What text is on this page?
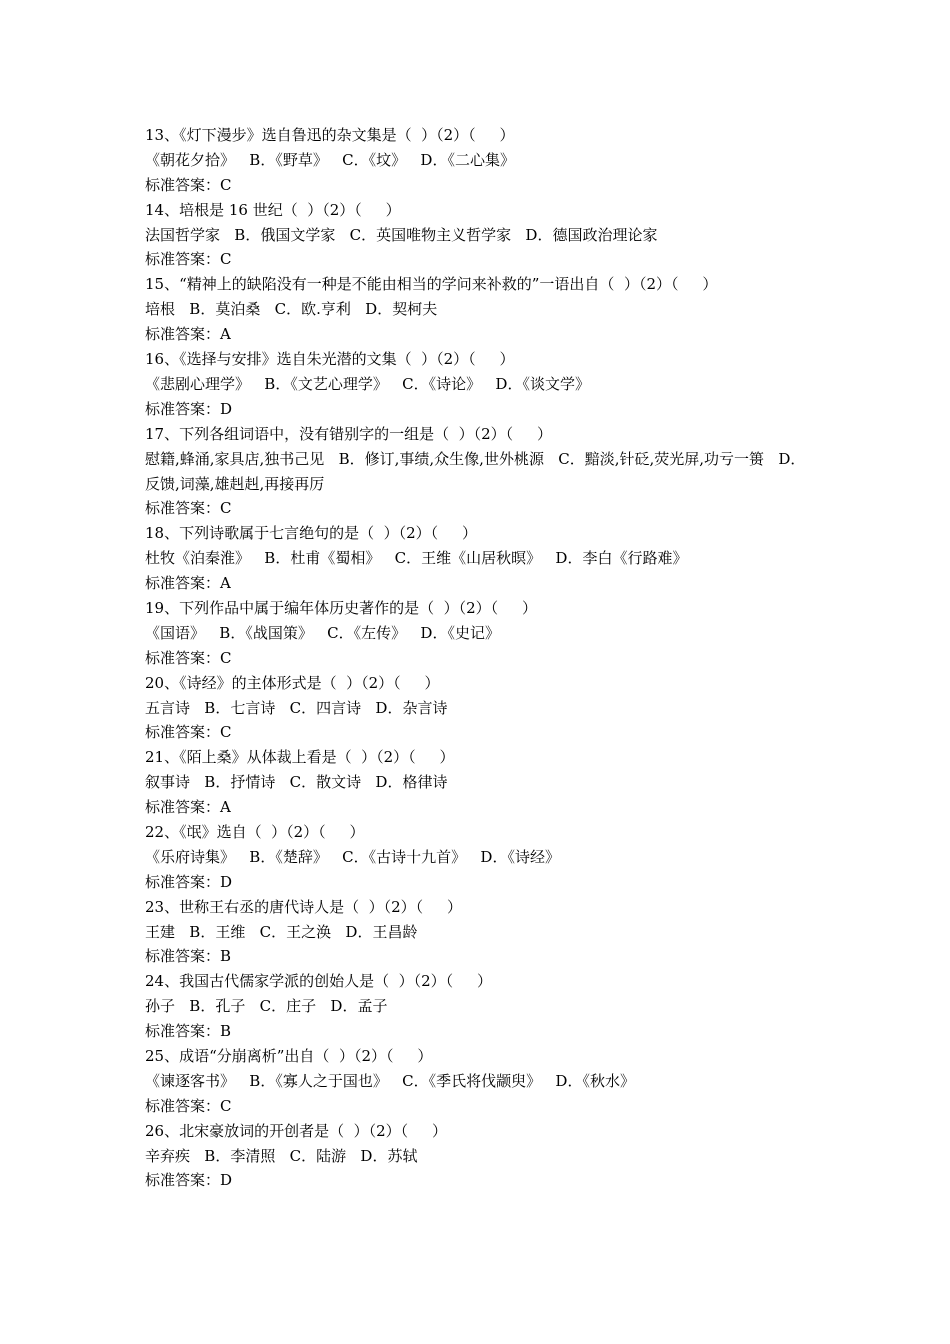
13、《灯下漫步》选自鲁迅的杂文集是（  ）（2）（     ）
《朝花夕拾》   B．《野草》   C．《坟》   D．《二心集》
标准答案：C
14、培根是 16 世纪（  ）（2）（     ）
法国哲学家   B．俄国文学家   C．英国唯物主义哲学家   D．德国政治理论家
标准答案：C
15、“精神上的缺陷没有一种是不能由相当的学问来补救的”一语出自（  ）（2）（     ）
培根   B．莫泊桑   C．欧.亨利   D．契柯夫
标准答案：A
16、《选择与安排》选自朱光潜的文集（  ）（2）（     ）
《悲剧心理学》   B．《文艺心理学》   C．《诗论》   D．《谈文学》
标准答案：D
17、下列各组词语中，没有错别字的一组是（  ）（2）（     ）
慰籍,蜂涌,家具店,独书己见   B．修订,事绩,众生像,世外桃源   C．黯淡,针砭,荧光屏,功亏一篑   D．反馈,词藻,雄赳赳,再接再厉
标准答案：C
18、下列诗歌属于七言绝句的是（  ）（2）（     ）
杜牧《泊秦淮》   B．杜甫《蜀相》   C．王维《山居秋暝》   D．李白《行路难》
标准答案：A
19、下列作品中属于编年体历史著作的是（  ）（2）（     ）
《国语》   B．《战国策》   C．《左传》   D．《史记》
标准答案：C
20、《诗经》的主体形式是（  ）（2）（     ）
五言诗   B．七言诗   C．四言诗   D．杂言诗
标准答案：C
21、《陌上桑》从体裁上看是（  ）（2）（     ）
叙事诗   B．抒情诗   C．散文诗   D．格律诗
标准答案：A
22、《氓》选自（  ）（2）（     ）
《乐府诗集》   B．《楚辞》   C．《古诗十九首》   D．《诗经》
标准答案：D
23、世称王右丞的唐代诗人是（  ）（2）（     ）
王建   B．王维   C．王之涣   D．王昌龄
标准答案：B
24、我国古代儒家学派的创始人是（  ）（2）（     ）
孙子   B．孔子   C．庄子   D．孟子
标准答案：B
25、成语“分崩离析”出自（  ）（2）（     ）
《谏逐客书》   B．《寡人之于国也》   C．《季氏将伐颛臾》   D．《秋水》
标准答案：C
26、北宋豪放词的开创者是（  ）（2）（     ）
辛弃疾   B．李清照   C．陆游   D．苏轼
标准答案：D
